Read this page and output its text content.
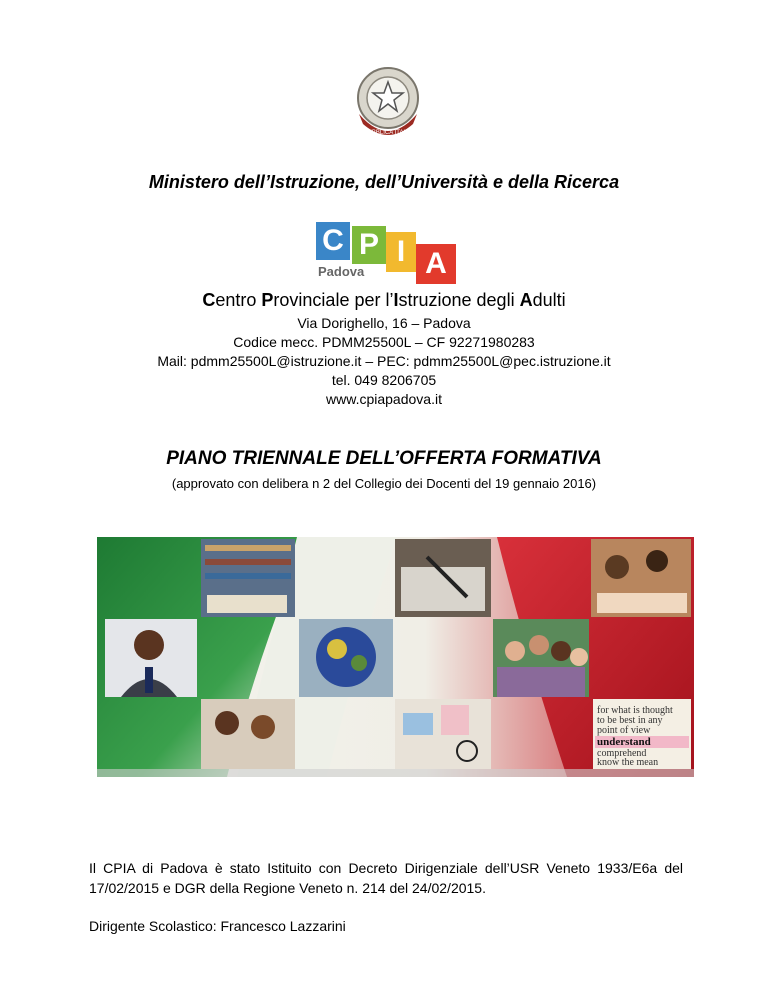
REPUBBLICA ITALIANA
Ministero dell’Istruzione, dell’Università e della Ricerca
C P I A
Padova
Centro Provinciale per l’Istruzione degli Adulti
Via Dorighello, 16 – Padova
Codice mecc. PDMM25500L – CF 92271980283
Mail: pdmm25500L@istruzione.it – PEC: pdmm25500L@pec.istruzione.it
tel. 049 8206705
www.cpiapadova.it
PIANO TRIENNALE DELL’OFFERTA FORMATIVA
(approvato con delibera n 2 del Collegio dei Docenti del 19 gennaio 2016)
for what is thought
to be best in any
point of view
understand
comprehend
know the mean
Il CPIA di Padova è stato Istituito con Decreto Dirigenziale dell’USR Veneto 1933/E6a del 17/02/2015 e DGR della Regione Veneto n. 214 del 24/02/2015.
Dirigente Scolastico: Francesco Lazzarini
